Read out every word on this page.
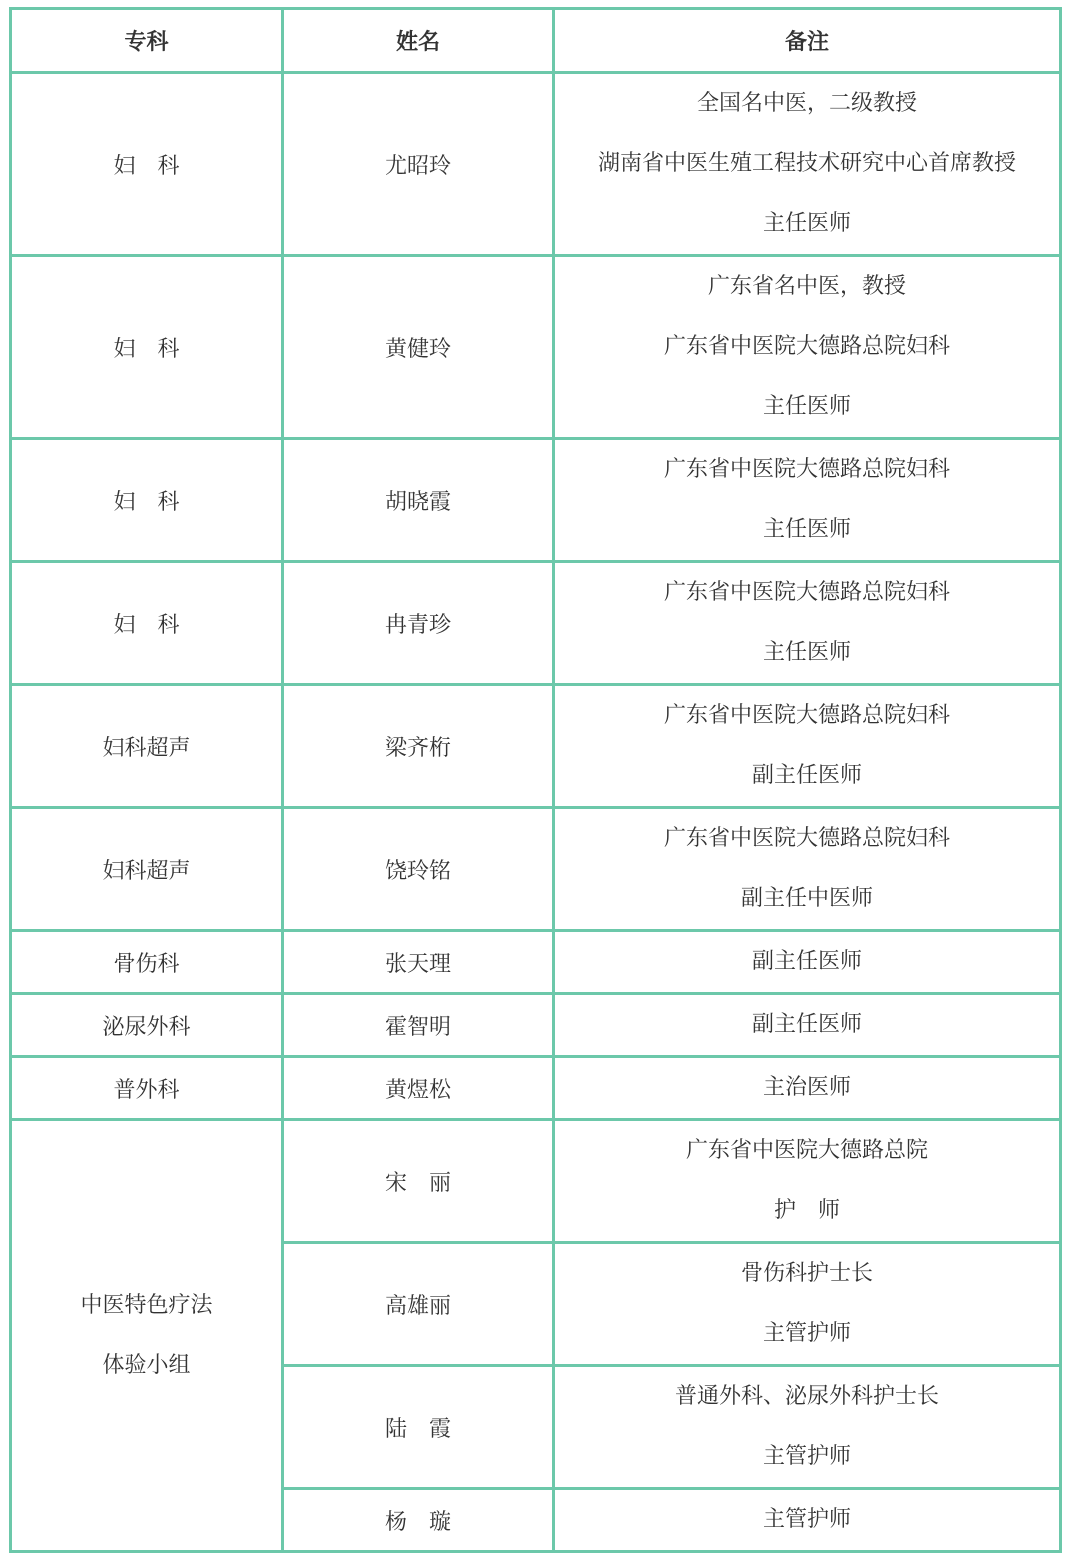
专科	姓名	备注
妇　科	尤昭玲	全国名中医，二级教授
湖南省中医生殖工程技术研究中心首席教授
主任医师

妇　科	黄健玲	广东省名中医，教授
广东省中医院大德路总院妇科
主任医师

妇　科	胡晓霞	广东省中医院大德路总院妇科
主任医师

妇　科	冉青珍	广东省中医院大德路总院妇科
主任医师

妇科超声	梁齐桁	广东省中医院大德路总院妇科
副主任医师

妇科超声	饶玲铭	广东省中医院大德路总院妇科
副主任中医师

骨伤科	张天理	副主任医师

泌尿外科	霍智明	副主任医师

普外科	黄煜松	主治医师

中医特色疗法
体验小组	宋　丽	广东省中医院大德路总院
护　师

	高雄丽	骨伤科护士长
主管护师

	陆　霞	普通外科、泌尿外科护士长
主管护师

	杨　璇	主管护师
